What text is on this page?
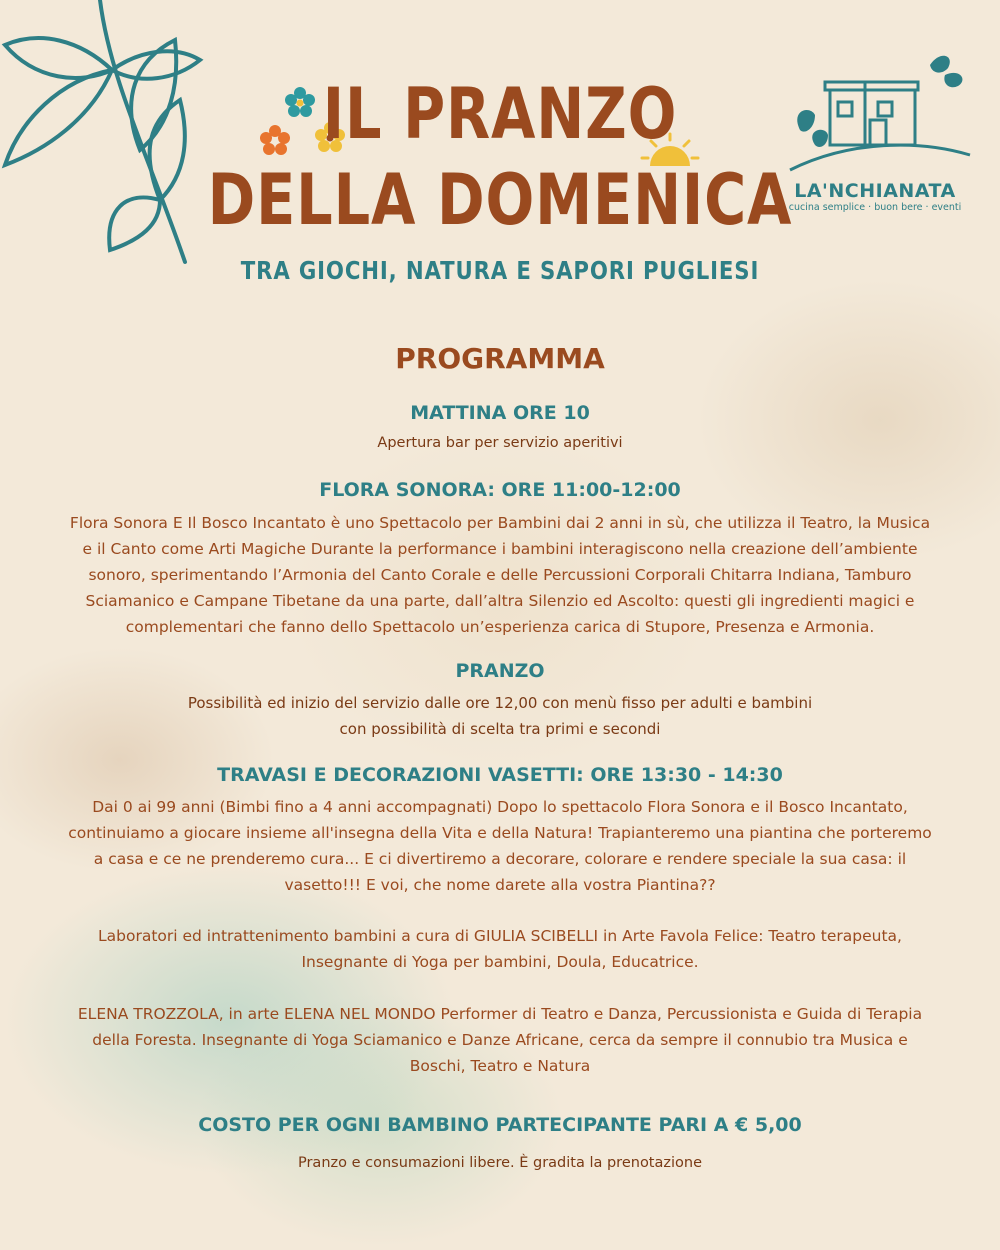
IL PRANZO
DELLA DOMENICA
TRA GIOCHI, NATURA E SAPORI PUGLIESI
LA'NCHIANATA
cucina semplice · buon bere · eventi
PROGRAMMA
MATTINA ORE 10
Apertura bar per servizio aperitivi
FLORA SONORA: ORE 11:00-12:00
Flora Sonora E Il Bosco Incantato è uno Spettacolo per Bambini dai 2 anni in sù, che utilizza il Teatro, la Musica
e il Canto come Arti Magiche Durante la performance i bambini interagiscono nella creazione dell’ambiente
sonoro, sperimentando l’Armonia del Canto Corale e delle Percussioni Corporali Chitarra Indiana, Tamburo
Sciamanico e Campane Tibetane da una parte, dall’altra Silenzio ed Ascolto: questi gli ingredienti magici e
complementari che fanno dello Spettacolo un’esperienza carica di Stupore, Presenza e Armonia.
PRANZO
Possibilità ed inizio del servizio dalle ore 12,00 con menù fisso per adulti e bambini
con possibilità di scelta tra primi e secondi
TRAVASI E DECORAZIONI VASETTI: ORE 13:30 - 14:30
Dai 0 ai 99 anni (Bimbi fino a 4 anni accompagnati) Dopo lo spettacolo Flora Sonora e il Bosco Incantato,
continuiamo a giocare insieme all'insegna della Vita e della Natura! Trapianteremo una piantina che porteremo
a casa e ce ne prenderemo cura... E ci divertiremo a decorare, colorare e rendere speciale la sua casa: il
vasetto!!! E voi, che nome darete alla vostra Piantina??
Laboratori ed intrattenimento bambini a cura di GIULIA SCIBELLI in Arte Favola Felice: Teatro terapeuta,
Insegnante di Yoga per bambini, Doula, Educatrice.
ELENA TROZZOLA, in arte ELENA NEL MONDO Performer di Teatro e Danza, Percussionista e Guida di Terapia
della Foresta. Insegnante di Yoga Sciamanico e Danze Africane, cerca da sempre il connubio tra Musica e
Boschi, Teatro e Natura
COSTO PER OGNI BAMBINO PARTECIPANTE PARI A € 5,00
Pranzo e consumazioni libere. È gradita la prenotazione
